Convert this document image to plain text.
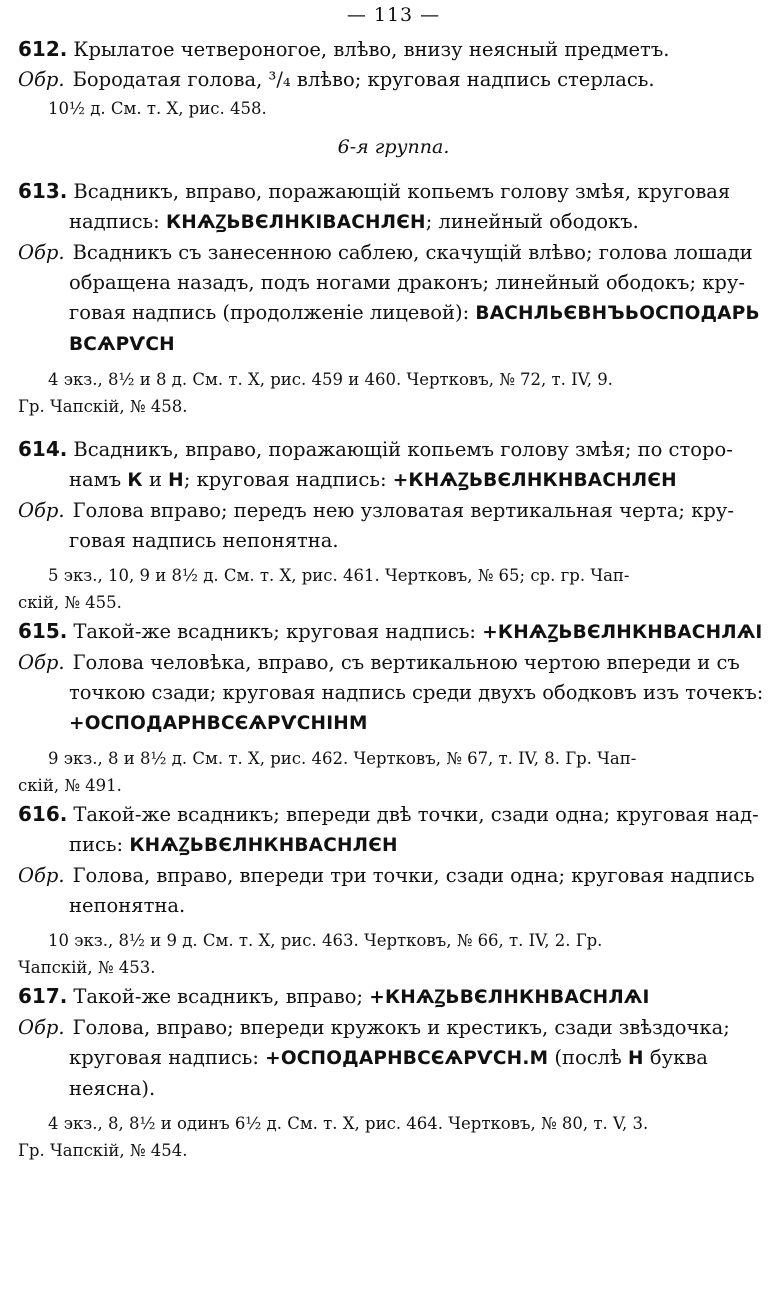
— 113 —
612. Крылатое четвероногое, влѣво, внизу неясный предметъ.
Обр. Бородатая голова, ³/₄ влѣво; круговая надпись стерлась.
10½ д. См. т. X, рис. 458.
6-я группа.
613. Всадникъ, вправо, поражающій копьемъ голову змѣя, круговая
надпись: КНѦꙀЬВЄЛНКІВАСНЛЄН; линейный ободокъ.
Обр. Всадникъ съ занесенною саблею, скачущій влѣво; голова лошади
обращена назадъ, подъ ногами драконъ; линейный ободокъ; кру-
говая надпись (продолженіе лицевой): ВАСНЛЬЄВНЪЬОСПОДАРЬ
ВСѦРѴСН
4 экз., 8½ и 8 д. См. т. X, рис. 459 и 460. Чертковъ, № 72, т. IV, 9.
Гр. Чапскій, № 458.
614. Всадникъ, вправо, поражающій копьемъ голову змѣя; по сторо-
намъ К и Н; круговая надпись: +КНѦꙀЬВЄЛНКНВАСНЛЄН
Обр. Голова вправо; передъ нею узловатая вертикальная черта; кру-
говая надпись непонятна.
5 экз., 10, 9 и 8½ д. См. т. X, рис. 461. Чертковъ, № 65; ср. гр. Чап-
скій, № 455.
615. Такой-же всадникъ; круговая надпись: +КНѦꙀЬВЄЛНКНВАСНЛѦІ
Обр. Голова человѣка, вправо, съ вертикальною чертою впереди и съ
точкою сзади; круговая надпись среди двухъ ободковъ изъ точекъ:
+ОСПОДАРНВСЄѦРѴСНІНМ
9 экз., 8 и 8½ д. См. т. X, рис. 462. Чертковъ, № 67, т. IV, 8. Гр. Чап-
скій, № 491.
616. Такой-же всадникъ; впереди двѣ точки, сзади одна; круговая над-
пись: КНѦꙀЬВЄЛНКНВАСНЛЄН
Обр. Голова, вправо, впереди три точки, сзади одна; круговая надпись
непонятна.
10 экз., 8½ и 9 д. См. т. X, рис. 463. Чертковъ, № 66, т. IV, 2. Гр.
Чапскій, № 453.
617. Такой-же всадникъ, вправо; +КНѦꙀЬВЄЛНКНВАСНЛѦІ
Обр. Голова, вправо; впереди кружокъ и крестикъ, сзади звѣздочка;
круговая надпись: +ОСПОДАРНВСЄѦРѴСН.М (послѣ Н буква
неясна).
4 экз., 8, 8½ и одинъ 6½ д. См. т. X, рис. 464. Чертковъ, № 80, т. V, 3.
Гр. Чапскій, № 454.
